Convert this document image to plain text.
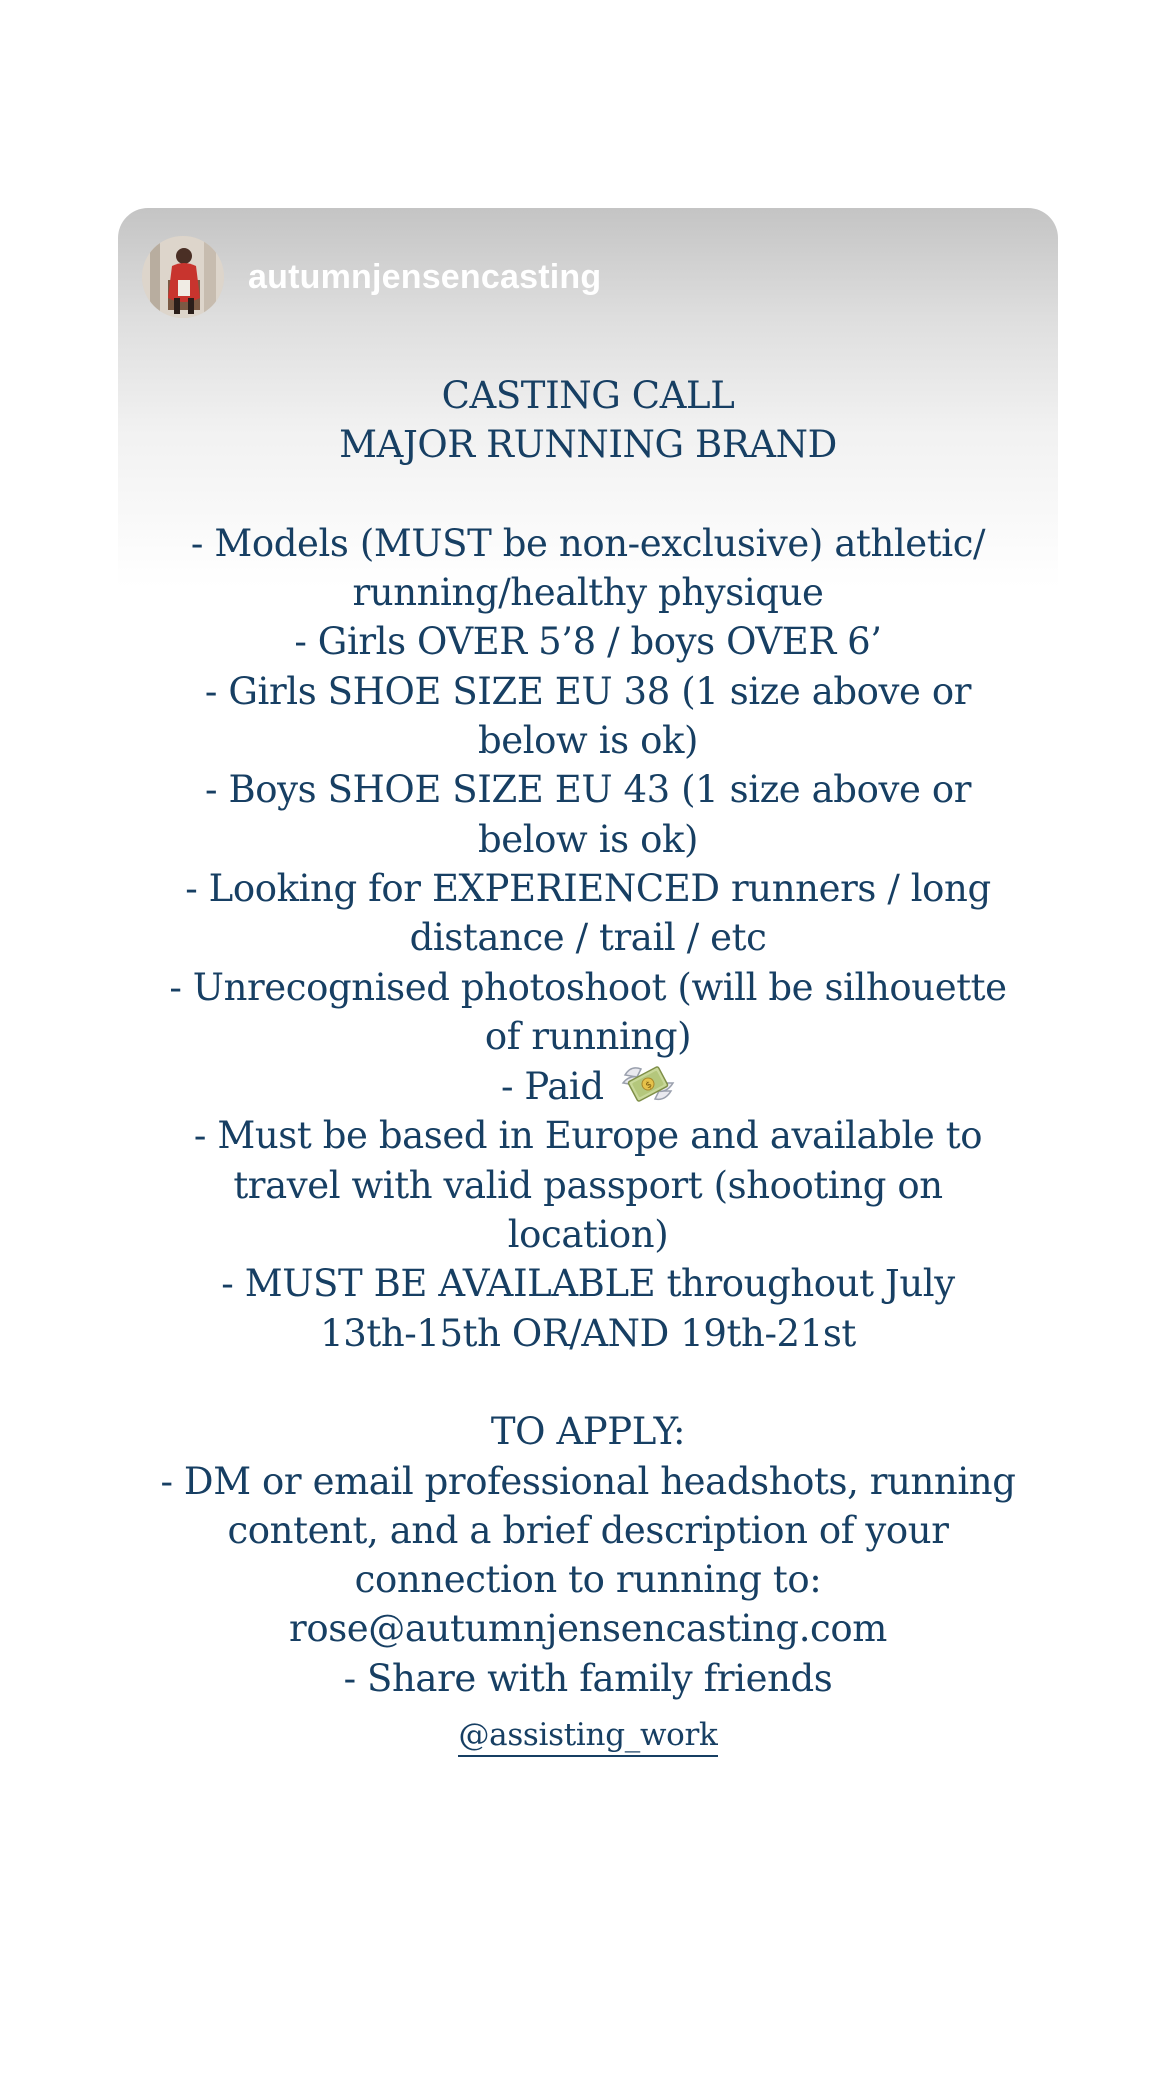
autumnjensencasting
CASTING CALL
MAJOR RUNNING BRAND
- Models (MUST be non-exclusive) athletic/
running/healthy physique
- Girls OVER 5’8 / boys OVER 6’
- Girls SHOE SIZE EU 38 (1 size above or
below is ok)
- Boys SHOE SIZE EU 43 (1 size above or
below is ok)
- Looking for EXPERIENCED runners / long
distance / trail / etc
- Unrecognised photoshoot (will be silhouette
of running)
- Paid	$
- Must be based in Europe and available to
travel with valid passport (shooting on
location)
- MUST BE AVAILABLE throughout July
13th-15th OR/AND 19th-21st
TO APPLY:
- DM or email professional headshots, running
content, and a brief description of your
connection to running to:
rose@autumnjensencasting.com
- Share with family friends
@assisting_work
